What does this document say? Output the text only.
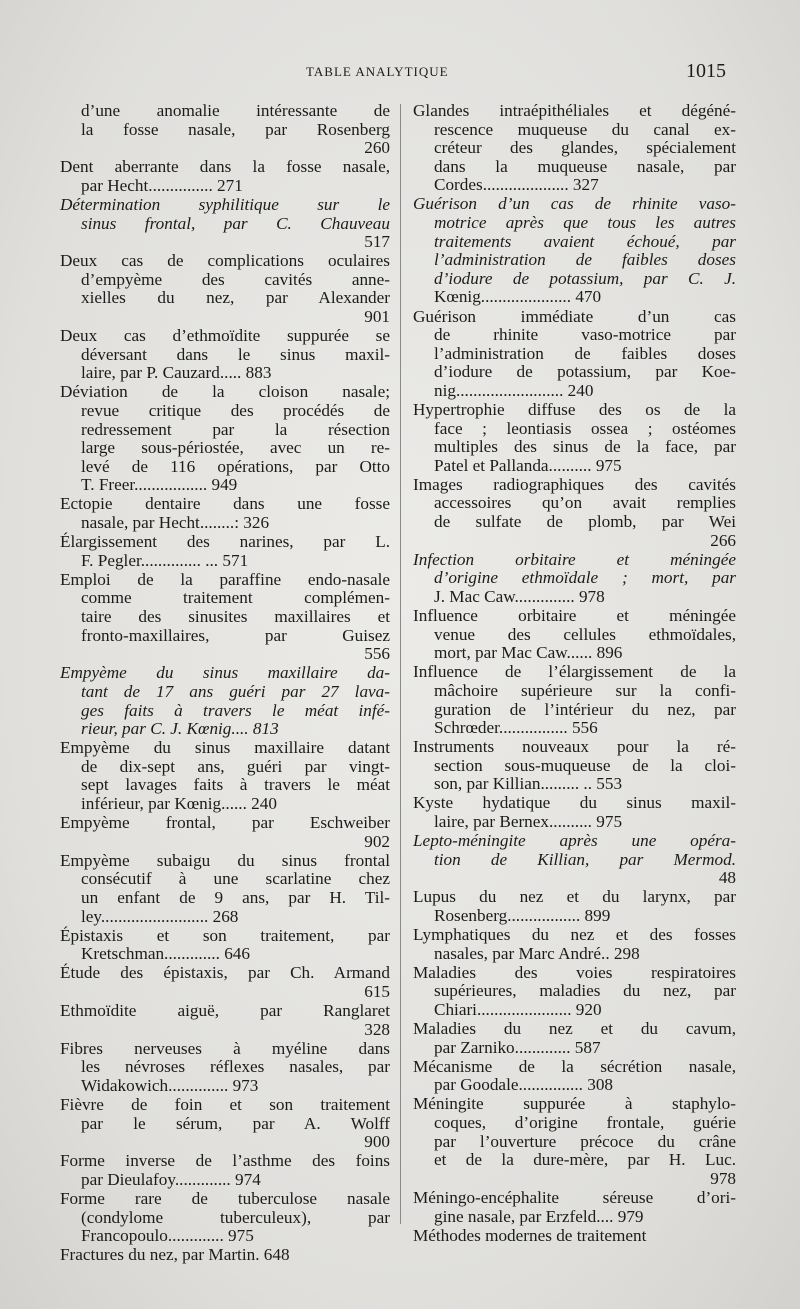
TABLE ANALYTIQUE	1015
d’une anomalie intéressante de
la fosse nasale, par Rosenberg
260
Dent aberrante dans la fosse nasale,
par Hecht............... 271
Détermination syphilitique sur le
sinus frontal, par C. Chauveau
517
Deux cas de complications oculaires
d’empyème des cavités anne-
xielles du nez, par Alexander
901
Deux cas d’ethmoïdite suppurée se
déversant dans le sinus maxil-
laire, par P. Cauzard..... 883
Déviation de la cloison nasale;
revue critique des procédés de
redressement par la résection
large sous-périostée, avec un re-
levé de 116 opérations, par Otto
T. Freer................. 949
Ectopie dentaire dans une fosse
nasale, par Hecht........: 326
Élargissement des narines, par L.
F. Pegler.............. ... 571
Emploi de la paraffine endo-nasale
comme traitement complémen-
taire des sinusites maxillaires et
fronto-maxillaires, par Guisez
556
Empyème du sinus maxillaire da-
tant de 17 ans guéri par 27 lava-
ges faits à travers le méat infé-
rieur, par C. J. Kœnig.... 813
Empyème du sinus maxillaire datant
de dix-sept ans, guéri par vingt-
sept lavages faits à travers le méat
inférieur, par Kœnig...... 240
Empyème frontal, par Eschweiber
902
Empyème subaigu du sinus frontal
consécutif à une scarlatine chez
un enfant de 9 ans, par H. Til-
ley......................... 268
Épistaxis et son traitement, par
Kretschman............. 646
Étude des épistaxis, par Ch. Armand
615
Ethmoïdite aiguë, par Ranglaret
328
Fibres nerveuses à myéline dans
les névroses réflexes nasales, par
Widakowich.............. 973
Fièvre de foin et son traitement
par le sérum, par A. Wolff
900
Forme inverse de l’asthme des foins
par Dieulafoy............. 974
Forme rare de tuberculose nasale
(condylome tuberculeux), par
Francopoulo............. 975
Fractures du nez, par Martin. 648
Glandes intraépithéliales et dégéné-
rescence muqueuse du canal ex-
créteur des glandes, spécialement
dans la muqueuse nasale, par
Cordes.................... 327
Guérison d’un cas de rhinite vaso-
motrice après que tous les autres
traitements avaient échoué, par
l’administration de faibles doses
d’iodure de potassium, par C. J.
Kœnig..................... 470
Guérison immédiate d’un cas
de rhinite vaso-motrice par
l’administration de faibles doses
d’iodure de potassium, par Koe-
nig......................... 240
Hypertrophie diffuse des os de la
face ; leontiasis ossea ; ostéomes
multiples des sinus de la face, par
Patel et Pallanda.......... 975
Images radiographiques des cavités
accessoires qu’on avait remplies
de sulfate de plomb, par Wei
266
Infection orbitaire et méningée
d’origine ethmoïdale ; mort, par
J. Mac Caw.............. 978
Influence orbitaire et méningée
venue des cellules ethmoïdales,
mort, par Mac Caw...... 896
Influence de l’élargissement de la
mâchoire supérieure sur la confi-
guration de l’intérieur du nez, par
Schrœder................ 556
Instruments nouveaux pour la ré-
section sous-muqueuse de la cloi-
son, par Killian......... .. 553
Kyste hydatique du sinus maxil-
laire, par Bernex.......... 975
Lepto-méningite après une opéra-
tion de Killian, par Mermod.
48
Lupus du nez et du larynx, par
Rosenberg................. 899
Lymphatiques du nez et des fosses
nasales, par Marc André.. 298
Maladies des voies respiratoires
supérieures, maladies du nez, par
Chiari...................... 920
Maladies du nez et du cavum,
par Zarniko............. 587
Mécanisme de la sécrétion nasale,
par Goodale............... 308
Méningite suppurée à staphylo-
coques, d’origine frontale, guérie
par l’ouverture précoce du crâne
et de la dure-mère, par H. Luc.
978
Méningo-encéphalite séreuse d’ori-
gine nasale, par Erzfeld.... 979
Méthodes modernes de traitement
